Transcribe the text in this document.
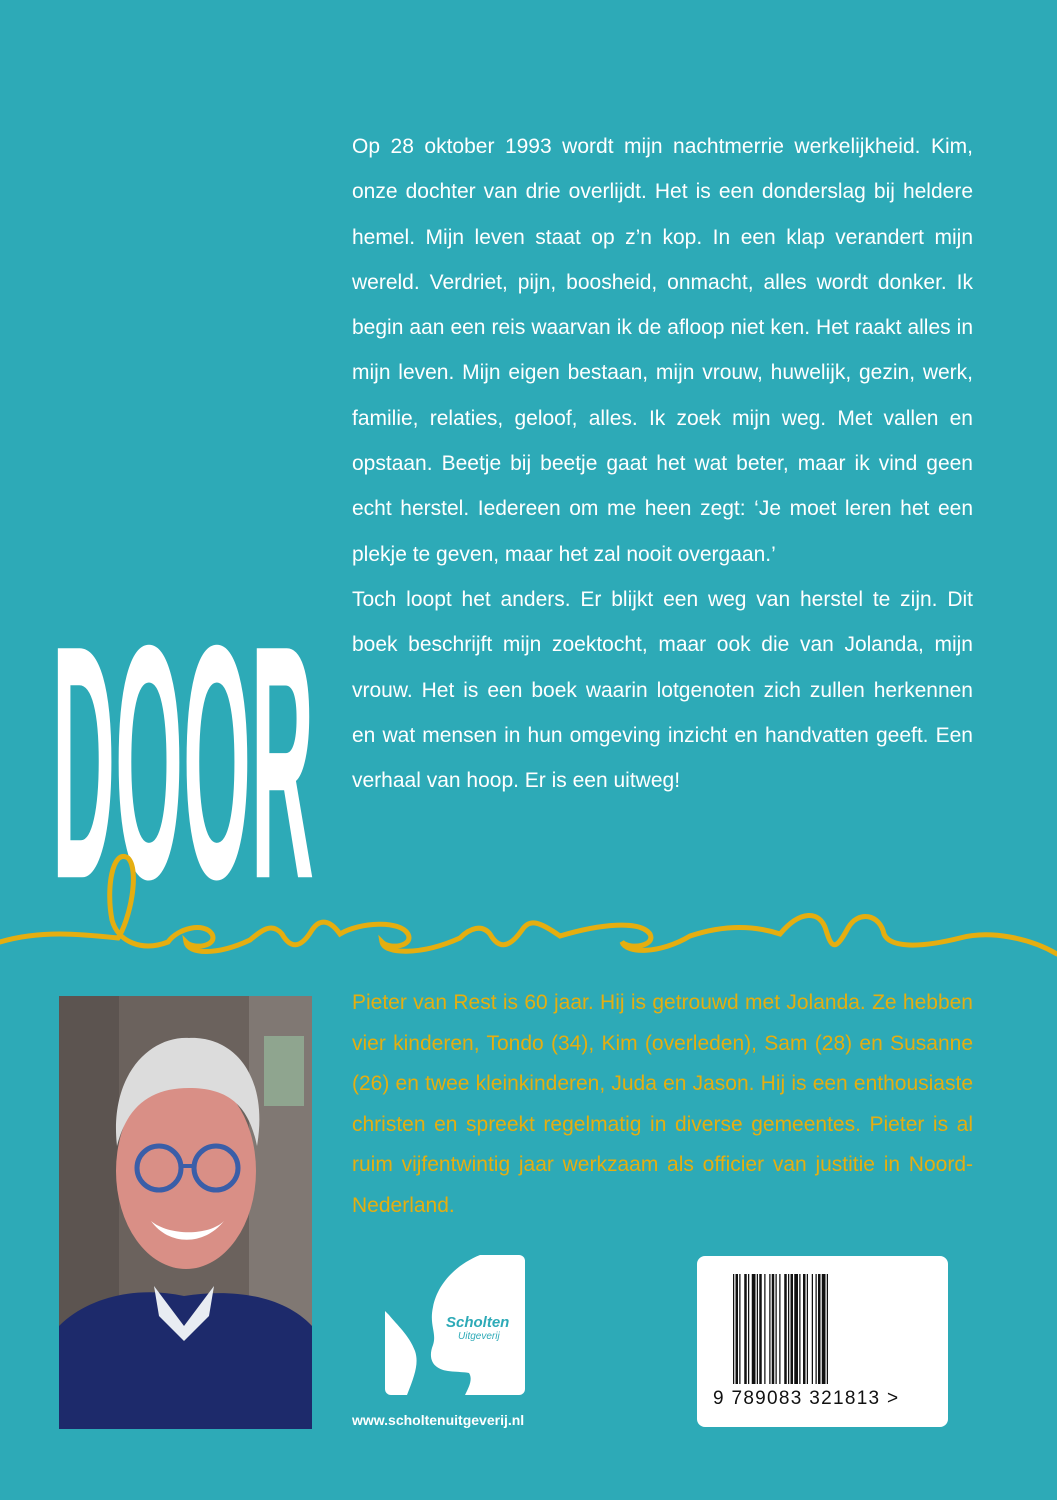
Op 28 oktober 1993 wordt mijn nachtmerrie werkelijkheid. Kim, onze dochter van drie overlijdt. Het is een donderslag bij heldere hemel. Mijn leven staat op z’n kop. In een klap verandert mijn wereld. Verdriet, pijn, boosheid, onmacht, alles wordt donker. Ik begin aan een reis waarvan ik de afloop niet ken. Het raakt alles in mijn leven. Mijn eigen bestaan, mijn vrouw, huwelijk, gezin, werk, familie, relaties, geloof, alles. Ik zoek mijn weg. Met vallen en opstaan. Beetje bij beetje gaat het wat beter, maar ik vind geen echt herstel. Iedereen om me heen zegt: ‘Je moet leren het een plekje te geven, maar het zal nooit overgaan.’

Toch loopt het anders. Er blijkt een weg van herstel te zijn. Dit boek beschrijft mijn zoektocht, maar ook die van Jolanda, mijn vrouw. Het is een boek waarin lotgenoten zich zullen herkennen en wat mensen in hun omgeving inzicht en handvatten geeft. Een verhaal van hoop. Er is een uitweg!

DOOR

Pieter van Rest is 60 jaar. Hij is getrouwd met Jolanda. Ze hebben vier kinderen, Tondo (34), Kim (overleden), Sam (28) en Susanne (26) en twee kleinkinderen, Juda en Jason. Hij is een enthousiaste christen en spreekt regelmatig in diverse gemeentes. Pieter is al ruim vijfentwintig jaar werkzaam als officier van justitie in Noord-Nederland.

Scholten
Uitgeverij
www.scholtenuitgeverij.nl
9 789083 321813 >
